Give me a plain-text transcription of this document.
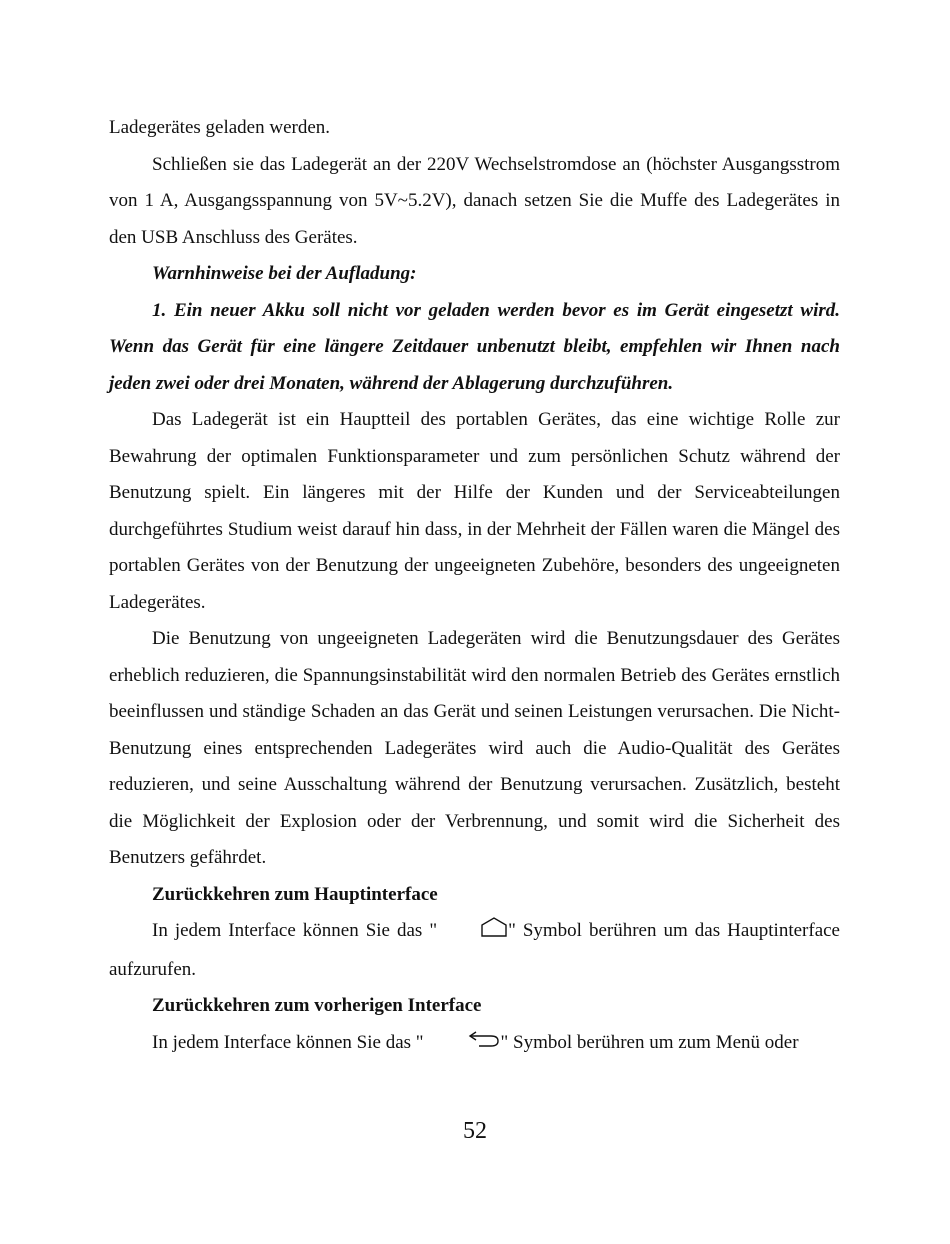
Ladegerätes geladen werden.

Schließen sie das Ladegerät an der 220V Wechselstromdose an (höchster Ausgangsstrom von 1 A, Ausgangsspannung von 5V~5.2V), danach setzen Sie die Muffe des Ladegerätes in den USB Anschluss des Gerätes.

Warnhinweise bei der Aufladung:

1. Ein neuer Akku soll nicht vor geladen werden bevor es im Gerät eingesetzt wird. Wenn das Gerät für eine längere Zeitdauer unbenutzt bleibt, empfehlen wir Ihnen nach jeden zwei oder drei Monaten, während der Ablagerung durchzuführen.

Das Ladegerät ist ein Hauptteil des portablen Gerätes, das eine wichtige Rolle zur Bewahrung der optimalen Funktionsparameter und zum persönlichen Schutz während der Benutzung spielt. Ein längeres mit der Hilfe der Kunden und der Serviceabteilungen durchgeführtes Studium weist darauf hin dass, in der Mehrheit der Fällen waren die Mängel des portablen Gerätes von der Benutzung der ungeeigneten Zubehöre, besonders des ungeeigneten Ladegerätes.

Die Benutzung von ungeeigneten Ladegeräten wird die Benutzungsdauer des Gerätes erheblich reduzieren, die Spannungsinstabilität wird den normalen Betrieb des Gerätes ernstlich beeinflussen und ständige Schaden an das Gerät und seinen Leistungen verursachen. Die Nicht-Benutzung eines entsprechenden Ladegerätes wird auch die Audio-Qualität des Gerätes reduzieren, und seine Ausschaltung während der Benutzung verursachen. Zusätzlich, besteht die Möglichkeit der Explosion oder der Verbrennung, und somit wird die Sicherheit des Benutzers gefährdet.

Zurückkehren zum Hauptinterface

In jedem Interface können Sie das "	" Symbol berühren um das Hauptinterface aufzurufen.

Zurückkehren zum vorherigen Interface

In jedem Interface können Sie das "	" Symbol berühren um zum Menü oder

52
